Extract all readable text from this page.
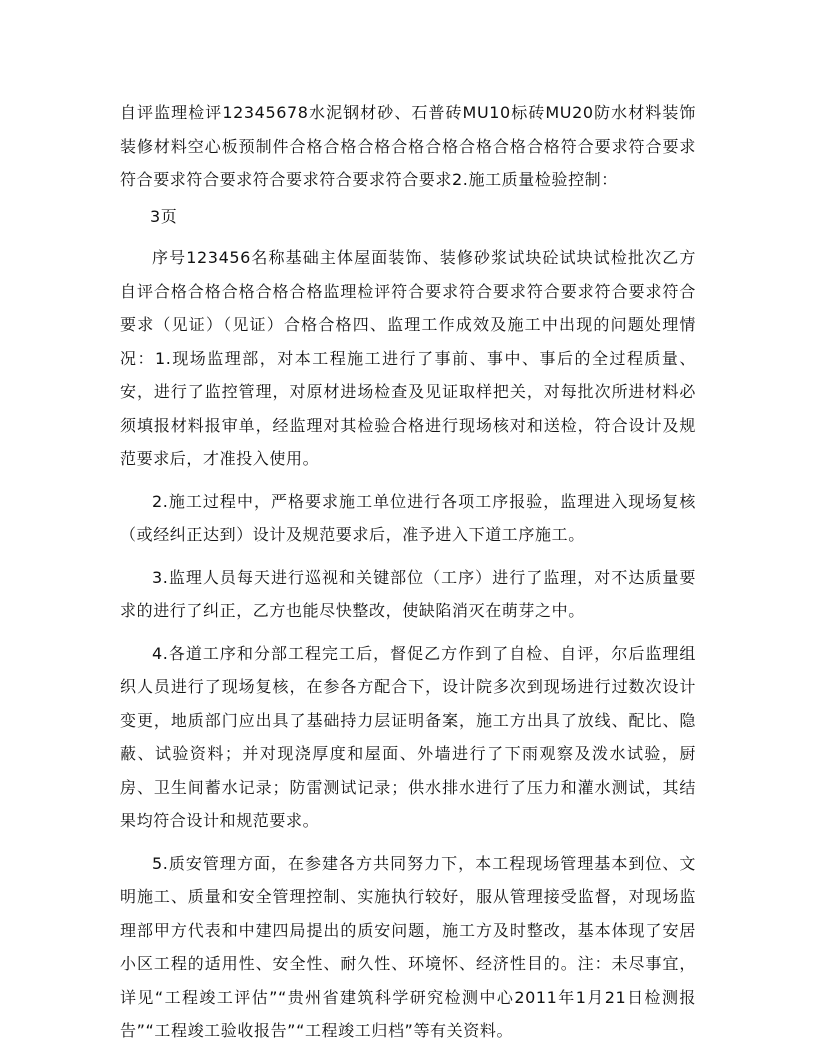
自评监理检评12345678水泥钢材砂、石普砖MU10标砖MU20防水材料装饰装修材料空心板预制件合格合格合格合格合格合格合格合格符合要求符合要求符合要求符合要求符合要求符合要求符合要求2.施工质量检验控制：

3页

序号123456名称基础主体屋面装饰、装修砂浆试块砼试块试检批次乙方自评合格合格合格合格合格监理检评符合要求符合要求符合要求符合要求符合要求（见证）（见证）合格合格四、监理工作成效及施工中出现的问题处理情况：1.现场监理部，对本工程施工进行了事前、事中、事后的全过程质量、安，进行了监控管理，对原材进场检查及见证取样把关，对每批次所进材料必须填报材料报审单，经监理对其检验合格进行现场核对和送检，符合设计及规范要求后，才准投入使用。

2.施工过程中，严格要求施工单位进行各项工序报验，监理进入现场复核（或经纠正达到）设计及规范要求后，准予进入下道工序施工。

3.监理人员每天进行巡视和关键部位（工序）进行了监理，对不达质量要求的进行了纠正，乙方也能尽快整改，使缺陷消灭在萌芽之中。

4.各道工序和分部工程完工后，督促乙方作到了自检、自评，尔后监理组织人员进行了现场复核，在参各方配合下，设计院多次到现场进行过数次设计变更，地质部门应出具了基础持力层证明备案，施工方出具了放线、配比、隐蔽、试验资料；并对现浇厚度和屋面、外墙进行了下雨观察及泼水试验，厨房、卫生间蓄水记录；防雷测试记录；供水排水进行了压力和灌水测试，其结果均符合设计和规范要求。

5.质安管理方面，在参建各方共同努力下，本工程现场管理基本到位、文明施工、质量和安全管理控制、实施执行较好，服从管理接受监督，对现场监理部甲方代表和中建四局提出的质安问题，施工方及时整改，基本体现了安居小区工程的适用性、安全性、耐久性、环境怀、经济性目的。注：未尽事宜，详见“工程竣工评估”“贵州省建筑科学研究检测中心2011年1月21日检测报告”“工程竣工验收报告”“工程竣工归档”等有关资料。
